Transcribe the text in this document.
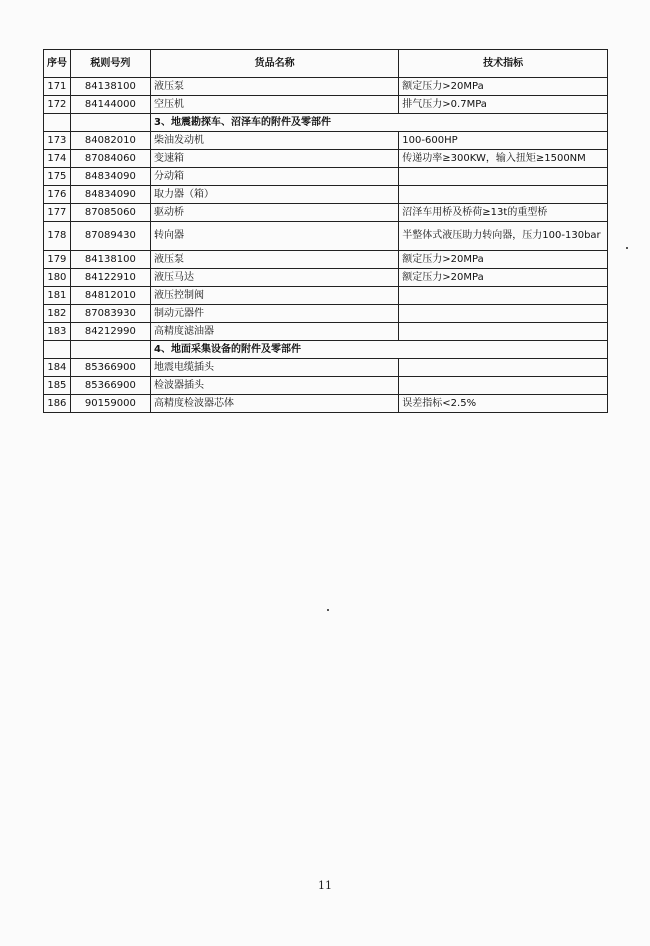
序号	税则号列	货品名称	技术指标
171	84138100	液压泵	额定压力>20MPa
172	84144000	空压机	排气压力>0.7MPa
		3、地震勘探车、沼泽车的附件及零部件	
173	84082010	柴油发动机	100-600HP
174	87084060	变速箱	传递功率≥300KW，输入扭矩≥1500NM
175	84834090	分动箱	
176	84834090	取力器（箱）	
177	87085060	驱动桥	沼泽车用桥及桥荷≥13t的重型桥
178	87089430	转向器	半整体式液压助力转向器，压力100-130bar
179	84138100	液压泵	额定压力>20MPa
180	84122910	液压马达	额定压力>20MPa
181	84812010	液压控制阀	
182	87083930	制动元器件	
183	84212990	高精度滤油器	
		4、地面采集设备的附件及零部件	
184	85366900	地震电缆插头	
185	85366900	检波器插头	
186	90159000	高精度检波器芯体	误差指标<2.5%
11
